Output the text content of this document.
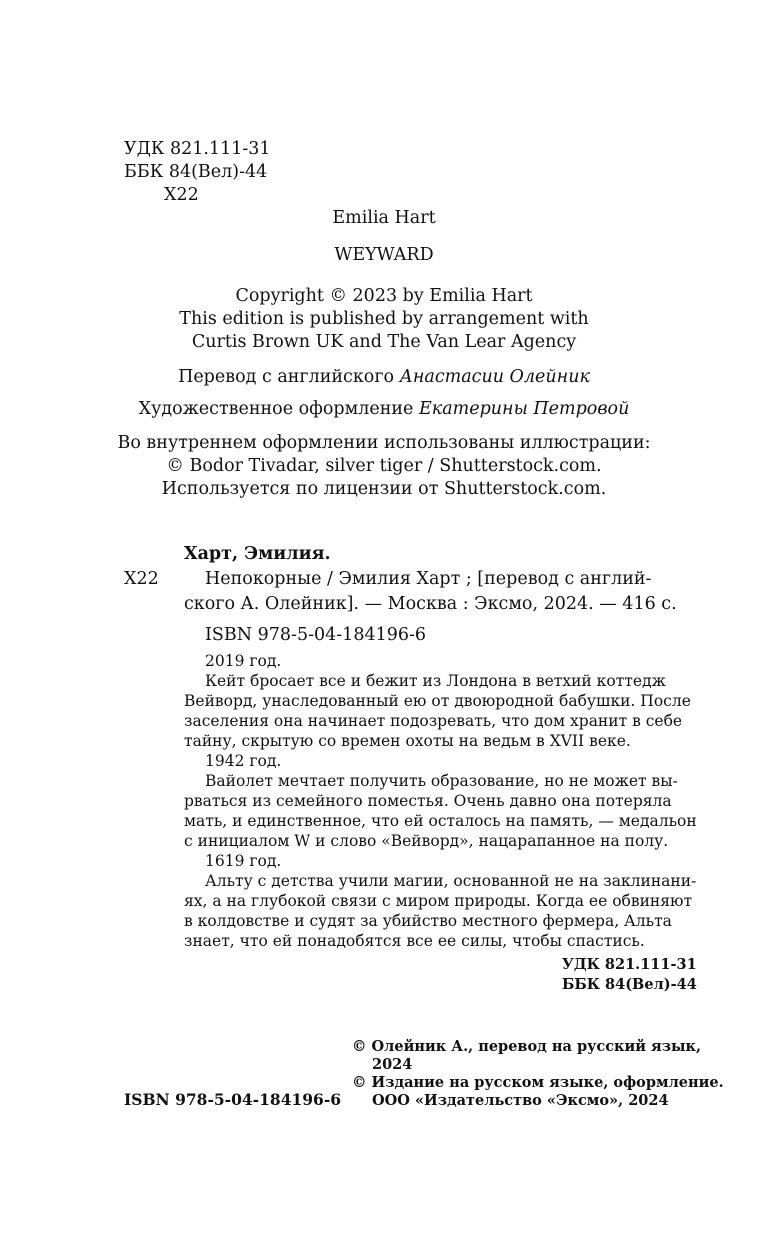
УДК 821.111-31
ББК 84(Вел)-44
Х22
Emilia Hart
WEYWARD
Copyright © 2023 by Emilia Hart
This edition is published by arrangement with
Curtis Brown UK and The Van Lear Agency
Перевод с английского Анастасии Олейник
Художественное оформление Екатерины Петровой
Во внутреннем оформлении использованы иллюстрации:
© Bodor Tivadar, silver tiger / Shutterstock.com.
Используется по лицензии от Shutterstock.com.
Харт, Эмилия.
Х22	Непокорные / Эмилия Харт ; [перевод с англий-
ского А. Олейник]. — Москва : Эксмо, 2024. — 416 с.
ISBN 978-5-04-184196-6
2019 год.
Кейт бросает все и бежит из Лондона в ветхий коттедж
Вейворд, унаследованный ею от двоюродной бабушки. После
заселения она начинает подозревать, что дом хранит в себе
тайну, скрытую со времен охоты на ведьм в XVII веке.
1942 год.
Вайолет мечтает получить образование, но не может вы-
рваться из семейного поместья. Очень давно она потеряла
мать, и единственное, что ей осталось на память, — медальон
с инициалом W и слово «Вейворд», нацарапанное на полу.
1619 год.
Альту с детства учили магии, основанной не на заклинани-
ях, а на глубокой связи с миром природы. Когда ее обвиняют
в колдовстве и судят за убийство местного фермера, Альта
знает, что ей понадобятся все ее силы, чтобы спастись.
УДК 821.111-31
ББК 84(Вел)-44
ISBN 978-5-04-184196-6
© Олейник А., перевод на русский язык,
2024
© Издание на русском языке, оформление.
ООО «Издательство «Эксмо», 2024
